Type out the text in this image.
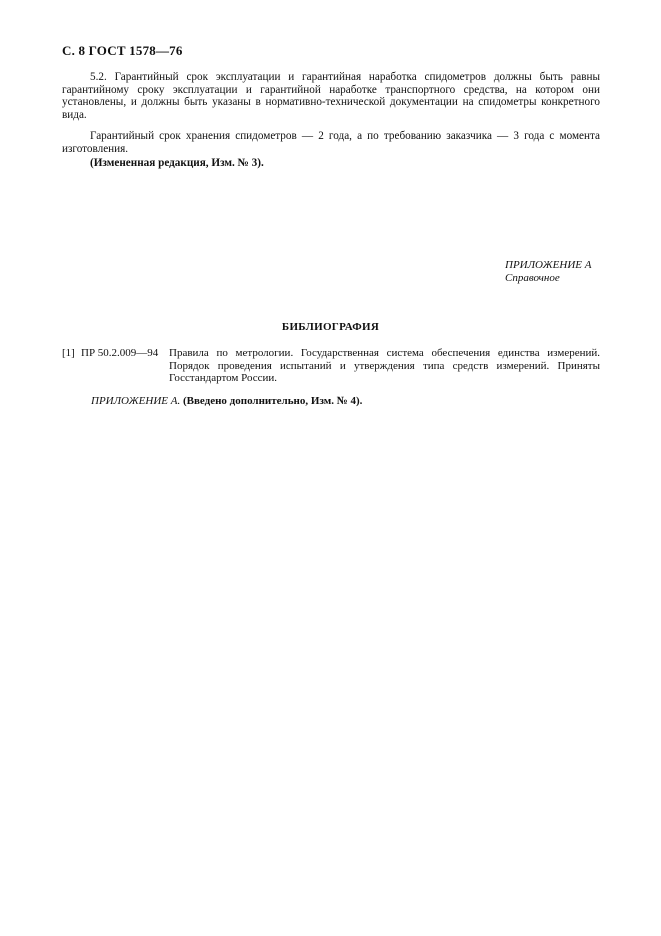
С. 8 ГОСТ 1578—76

5.2. Гарантийный срок эксплуатации и гарантийная наработка спидометров должны быть равны гарантийному сроку эксплуатации и гарантийной наработке транспортного средства, на котором они установлены, и должны быть указаны в нормативно-технической документации на спидометры конкретного вида.

Гарантийный срок хранения спидометров — 2 года, а по требованию заказчика — 3 года с момента изготовления.

(Измененная редакция, Изм. № 3).

ПРИЛОЖЕНИЕ А
Справочное
БИБЛИОГРАФИЯ
[1] ПР 50.2.009—94 Правила по метрологии. Государственная система обеспечения единства измерений. Порядок проведения испытаний и утверждения типа средств измерений. Приняты Госстандартом России.
ПРИЛОЖЕНИЕ А. (Введено дополнительно, Изм. № 4).
